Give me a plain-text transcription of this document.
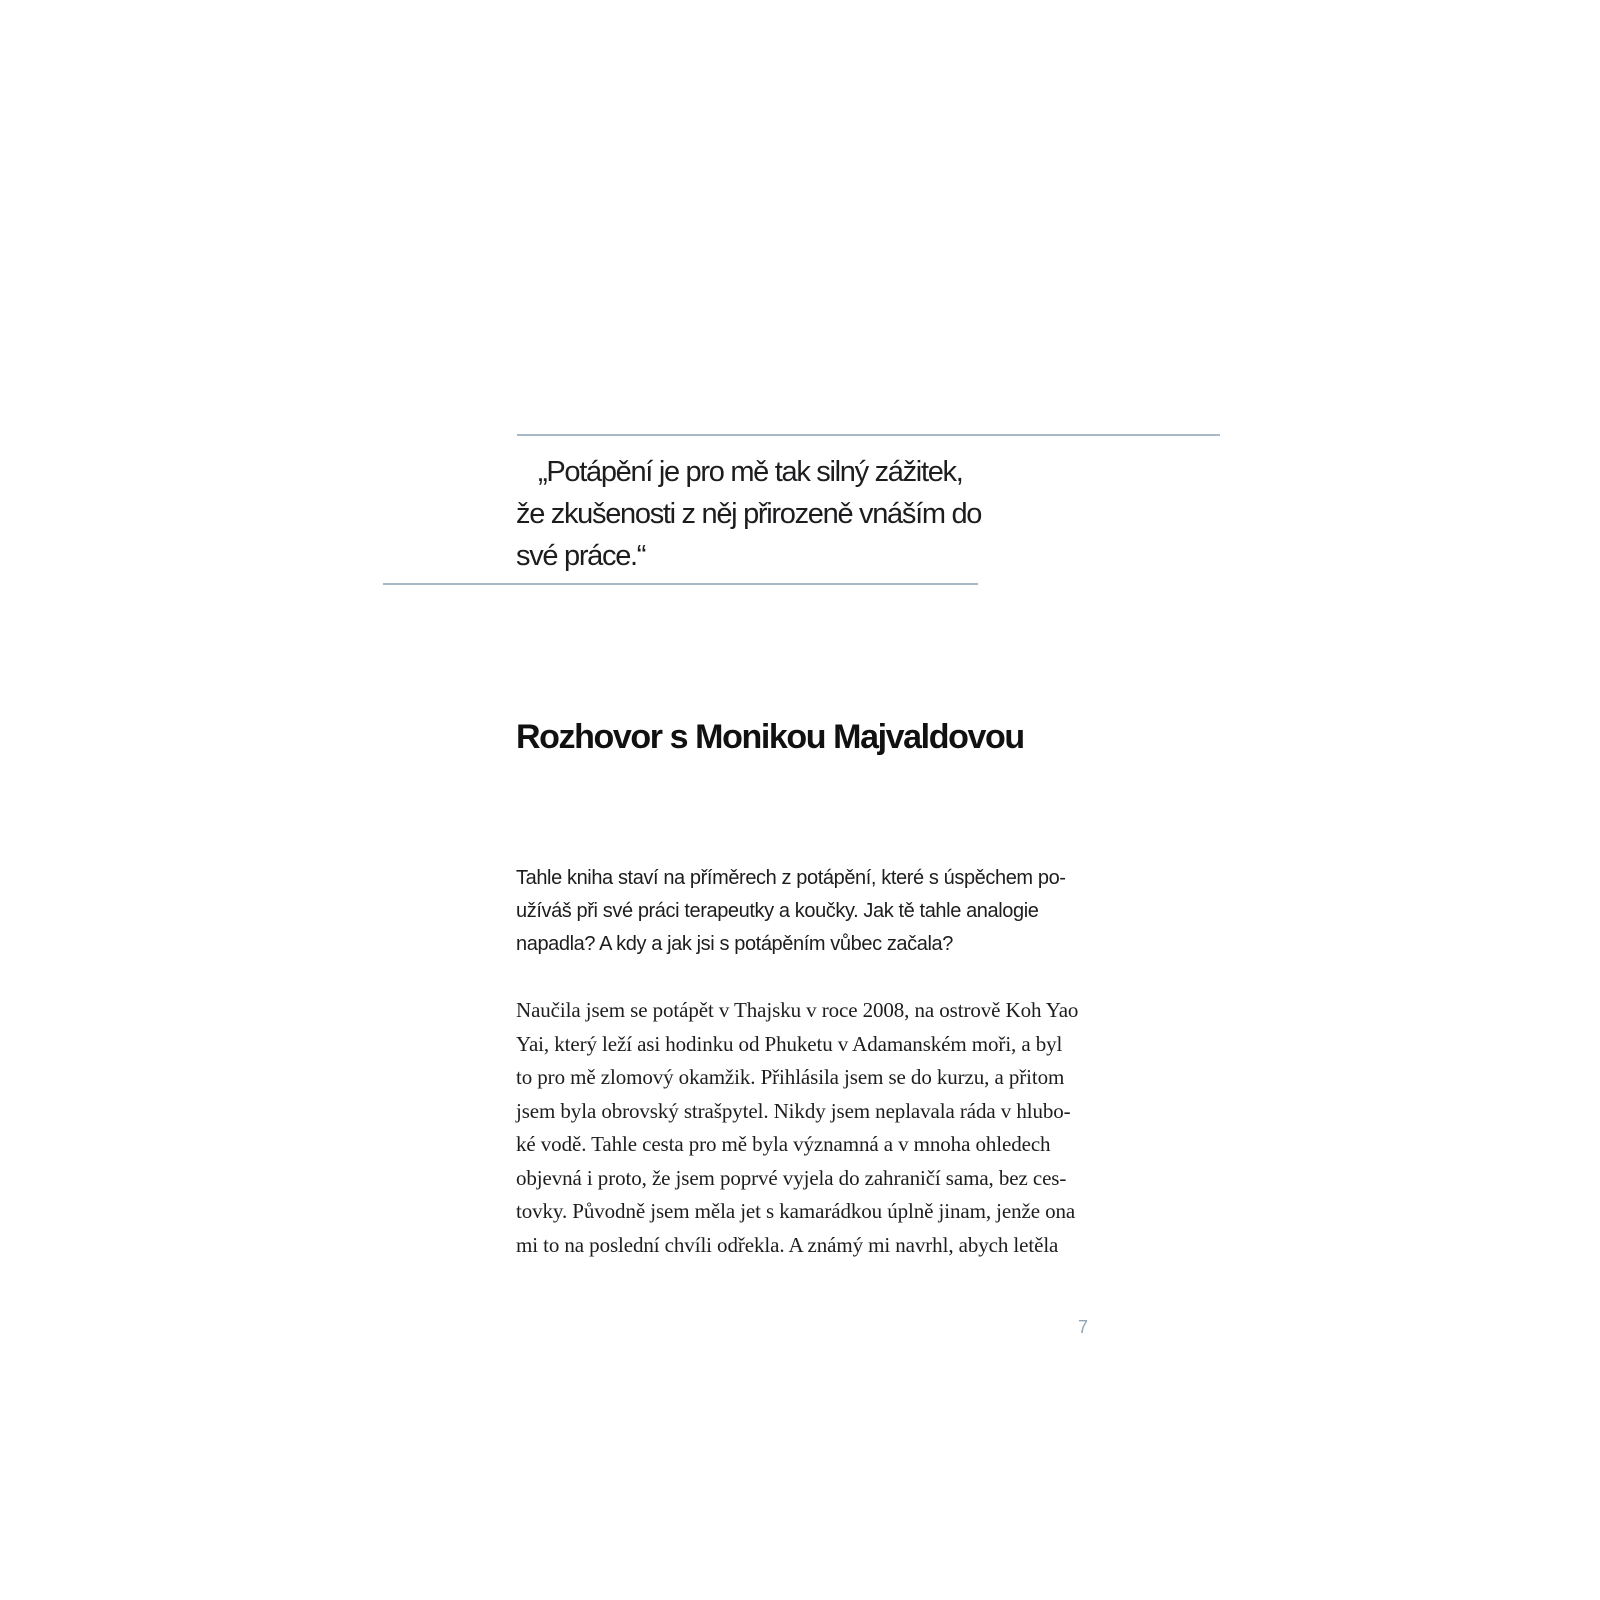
„Potápění je pro mě tak silný zážitek,
že zkušenosti z něj přirozeně vnáším do
své práce.“

Rozhovor s Monikou Majvaldovou

Tahle kniha staví na příměrech z potápění, které s úspěchem po-
užíváš při své práci terapeutky a koučky. Jak tě tahle analogie
napadla? A kdy a jak jsi s potápěním vůbec začala?

Naučila jsem se potápět v Thajsku v roce 2008, na ostrově Koh Yao
Yai, který leží asi hodinku od Phuketu v Adamanském moři, a byl
to pro mě zlomový okamžik. Přihlásila jsem se do kurzu, a přitom
jsem byla obrovský strašpytel. Nikdy jsem neplavala ráda v hlubo-
ké vodě. Tahle cesta pro mě byla významná a v mnoha ohledech
objevná i proto, že jsem poprvé vyjela do zahraničí sama, bez ces-
tovky. Původně jsem měla jet s kamarádkou úplně jinam, jenže ona
mi to na poslední chvíli odřekla. A známý mi navrhl, abych letěla

7
